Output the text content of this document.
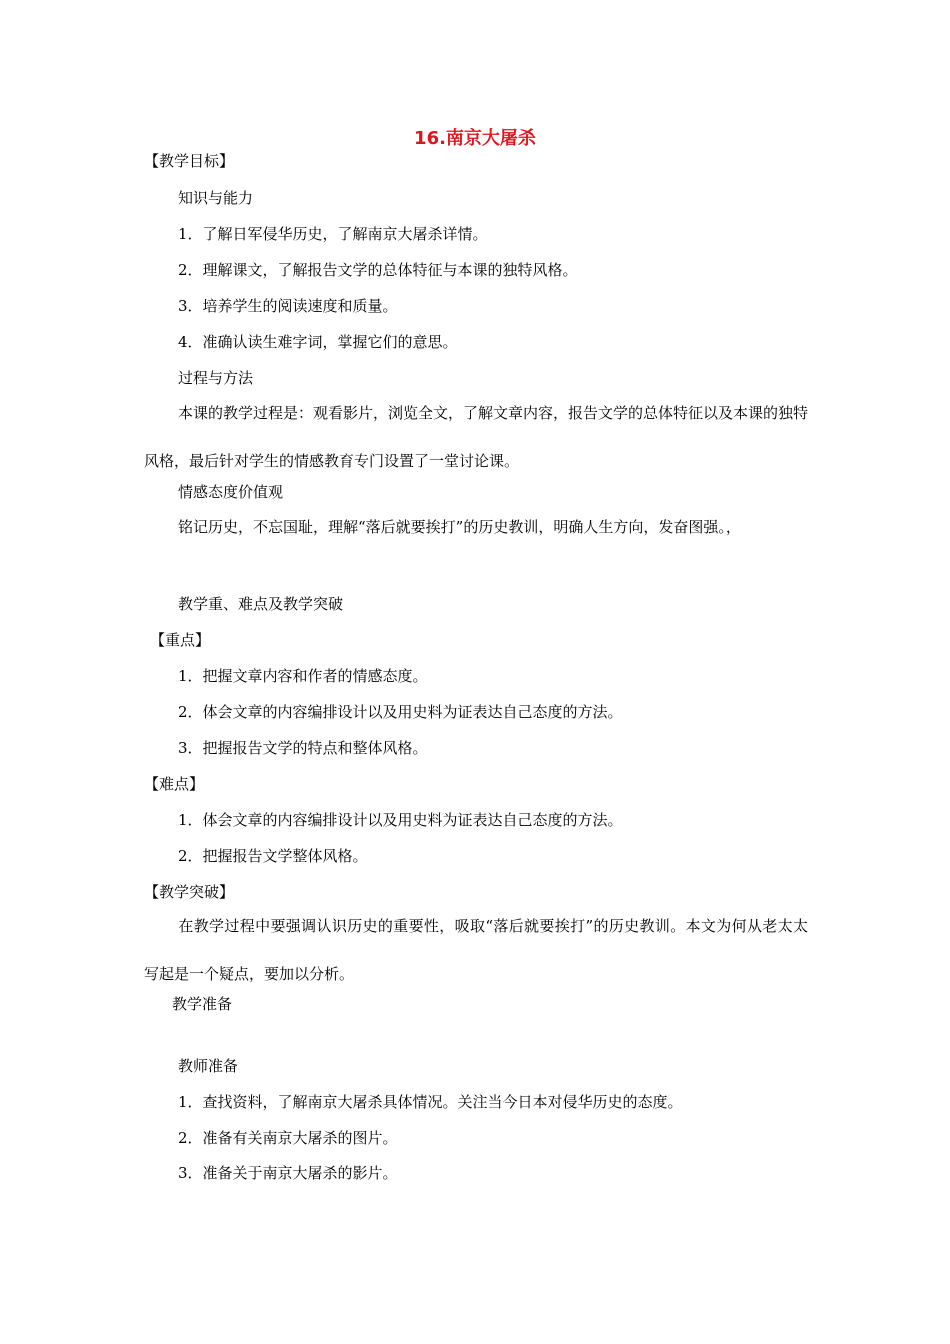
16.南京大屠杀
【教学目标】
知识与能力
1．了解日军侵华历史，了解南京大屠杀详情。
2．理解课文，了解报告文学的总体特征与本课的独特风格。
3．培养学生的阅读速度和质量。
4．准确认读生难字词，掌握它们的意思。
过程与方法
本课的教学过程是：观看影片，浏览全文，了解文章内容，报告文学的总体特征以及本课的独特风格，最后针对学生的情感教育专门设置了一堂讨论课。
情感态度价值观
铭记历史，不忘国耻，理解“落后就要挨打”的历史教训，明确人生方向，发奋图强。，
教学重、难点及教学突破
【重点】
1．把握文章内容和作者的情感态度。
2．体会文章的内容编排设计以及用史料为证表达自己态度的方法。
3．把握报告文学的特点和整体风格。
【难点】
1．体会文章的内容编排设计以及用史料为证表达自己态度的方法。
2．把握报告文学整体风格。
【教学突破】
在教学过程中要强调认识历史的重要性，吸取“落后就要挨打”的历史教训。本文为何从老太太写起是一个疑点，要加以分析。
教学准备
教师准备
1．查找资料，了解南京大屠杀具体情况。关注当今日本对侵华历史的态度。
2．准备有关南京大屠杀的图片。
3．准备关于南京大屠杀的影片。
